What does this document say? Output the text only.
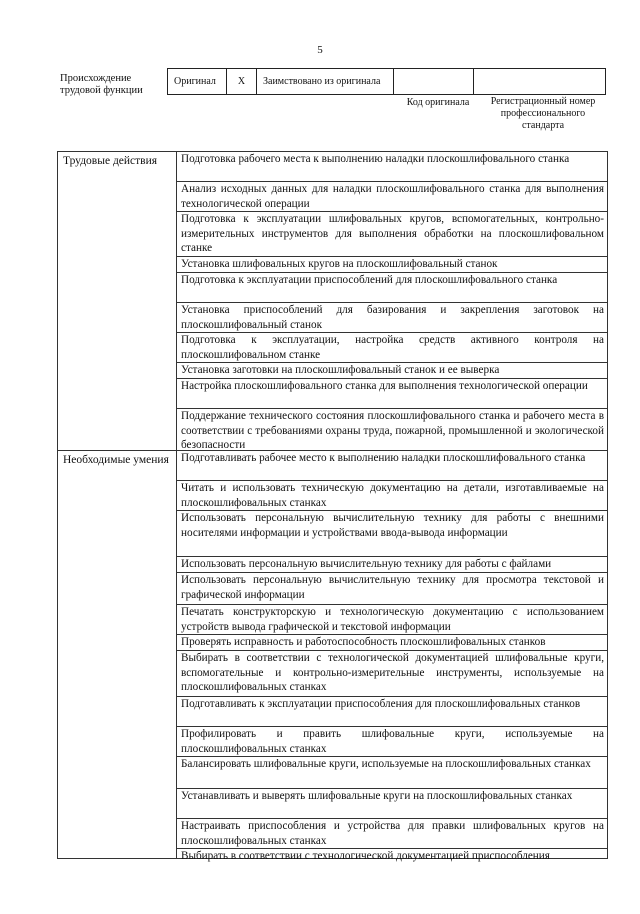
5
Происхождение трудовой функции
Оригинал	X	Заимствовано из оригинала
Код оригинала	Регистрационный номер профессионального стандарта
Трудовые действия	Подготовка рабочего места к выполнению наладки плоскошлифовального станка
Анализ исходных данных для наладки плоскошлифовального станка для выполнения технологической операции
Подготовка к эксплуатации шлифовальных кругов, вспомогательных, контрольно-измерительных инструментов для выполнения обработки на плоскошлифовальном станке
Установка шлифовальных кругов на плоскошлифовальный станок
Подготовка к эксплуатации приспособлений для плоскошлифовального станка
Установка приспособлений для базирования и закрепления заготовок на плоскошлифовальный станок
Подготовка к эксплуатации, настройка средств активного контроля на плоскошлифовальном станке
Установка заготовки на плоскошлифовальный станок и ее выверка
Настройка плоскошлифовального станка для выполнения технологической операции
Поддержание технического состояния плоскошлифовального станка и рабочего места в соответствии с требованиями охраны труда, пожарной, промышленной и экологической безопасности
Необходимые умения	Подготавливать рабочее место к выполнению наладки плоскошлифовального станка
Читать и использовать техническую документацию на детали, изготавливаемые на плоскошлифовальных станках
Использовать персональную вычислительную технику для работы с внешними носителями информации и устройствами ввода-вывода информации
Использовать персональную вычислительную технику для работы с файлами
Использовать персональную вычислительную технику для просмотра текстовой и графической информации
Печатать конструкторскую и технологическую документацию с использованием устройств вывода графической и текстовой информации
Проверять исправность и работоспособность плоскошлифовальных станков
Выбирать в соответствии с технологической документацией шлифовальные круги, вспомогательные и контрольно-измерительные инструменты, используемые на плоскошлифовальных станках
Подготавливать к эксплуатации приспособления для плоскошлифовальных станков
Профилировать и править шлифовальные круги, используемые на плоскошлифовальных станках
Балансировать шлифовальные круги, используемые на плоскошлифовальных станках
Устанавливать и выверять шлифовальные круги на плоскошлифовальных станках
Настраивать приспособления и устройства для правки шлифовальных кругов на плоскошлифовальных станках
Выбирать в соответствии с технологической документацией приспособления
